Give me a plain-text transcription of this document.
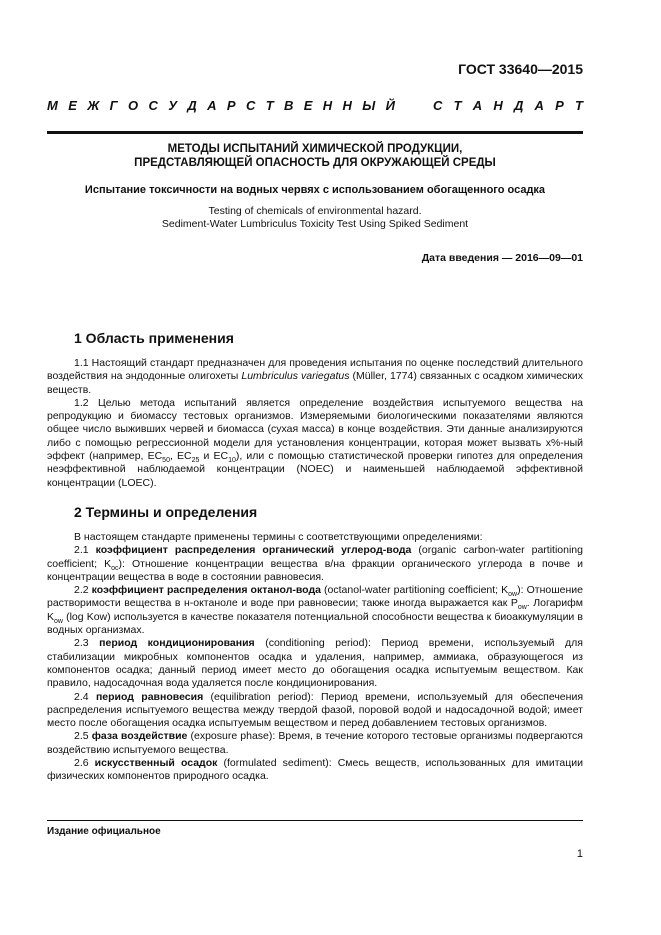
ГОСТ 33640—2015
М Е Ж Г О С У Д А Р С Т В Е Н Н Ы Й	С Т А Н Д А Р Т
МЕТОДЫ ИСПЫТАНИЙ ХИМИЧЕСКОЙ ПРОДУКЦИИ,
ПРЕДСТАВЛЯЮЩЕЙ ОПАСНОСТЬ ДЛЯ ОКРУЖАЮЩЕЙ СРЕДЫ
Испытание токсичности на водных червях с использованием обогащенного осадка
Testing of chemicals of environmental hazard.
Sediment-Water Lumbriculus Toxicity Test Using Spiked Sediment
Дата введения — 2016—09—01
1 Область применения

1.1 Настоящий стандарт предназначен для проведения испытания по оценке последствий длительного воздействия на эндодонные олигохеты Lumbriculus variegatus (Müller, 1774) связанных с осадком химических веществ.

1.2 Целью метода испытаний является определение воздействия испытуемого вещества на репродукцию и биомассу тестовых организмов. Измеряемыми биологическими показателями являются общее число выживших червей и биомасса (сухая масса) в конце воздействия. Эти данные анализируются либо с помощью регрессионной модели для установления концентрации, которая может вызвать x%-ный эффект (например, $EC_{50}$, $EC_{25}$ и $EC_{10}$), или с помощью статистической проверки гипотез для определения неэффективной наблюдаемой концентрации (NOEC) и наименьшей наблюдаемой эффективной концентрации (LOEC).

2 Термины и определения

В настоящем стандарте применены термины с соответствующими определениями:

2.1 коэффициент распределения органический углерод-вода (organic carbon-water partitioning coefficient; $K_{oc}$): Отношение концентрации вещества в/на фракции органического углерода в почве и концентрации вещества в воде в состоянии равновесия.

2.2 коэффициент распределения октанол-вода (octanol-water partitioning coefficient; $K_{ow}$): Отношение растворимости вещества в н-октаноле и воде при равновесии; также иногда выражается как $P_{ow}$. Логарифм $K_{ow}$ (log Kow) используется в качестве показателя потенциальной способности вещества к биоаккумуляции в водных организмах.

2.3 период кондиционирования (conditioning period): Период времени, используемый для стабилизации микробных компонентов осадка и удаления, например, аммиака, образующегося из компонентов осадка; данный период имеет место до обогащения осадка испытуемым веществом. Как правило, надосадочная вода удаляется после кондиционирования.

2.4 период равновесия (equilibration period): Период времени, используемый для обеспечения распределения испытуемого вещества между твердой фазой, поровой водой и надосадочной водой; имеет место после обогащения осадка испытуемым веществом и перед добавлением тестовых организмов.

2.5 фаза воздействие (exposure phase): Время, в течение которого тестовые организмы подвергаются воздействию испытуемого вещества.

2.6 искусственный осадок (formulated sediment): Смесь веществ, использованных для имитации физических компонентов природного осадка.

Издание официальное
1
